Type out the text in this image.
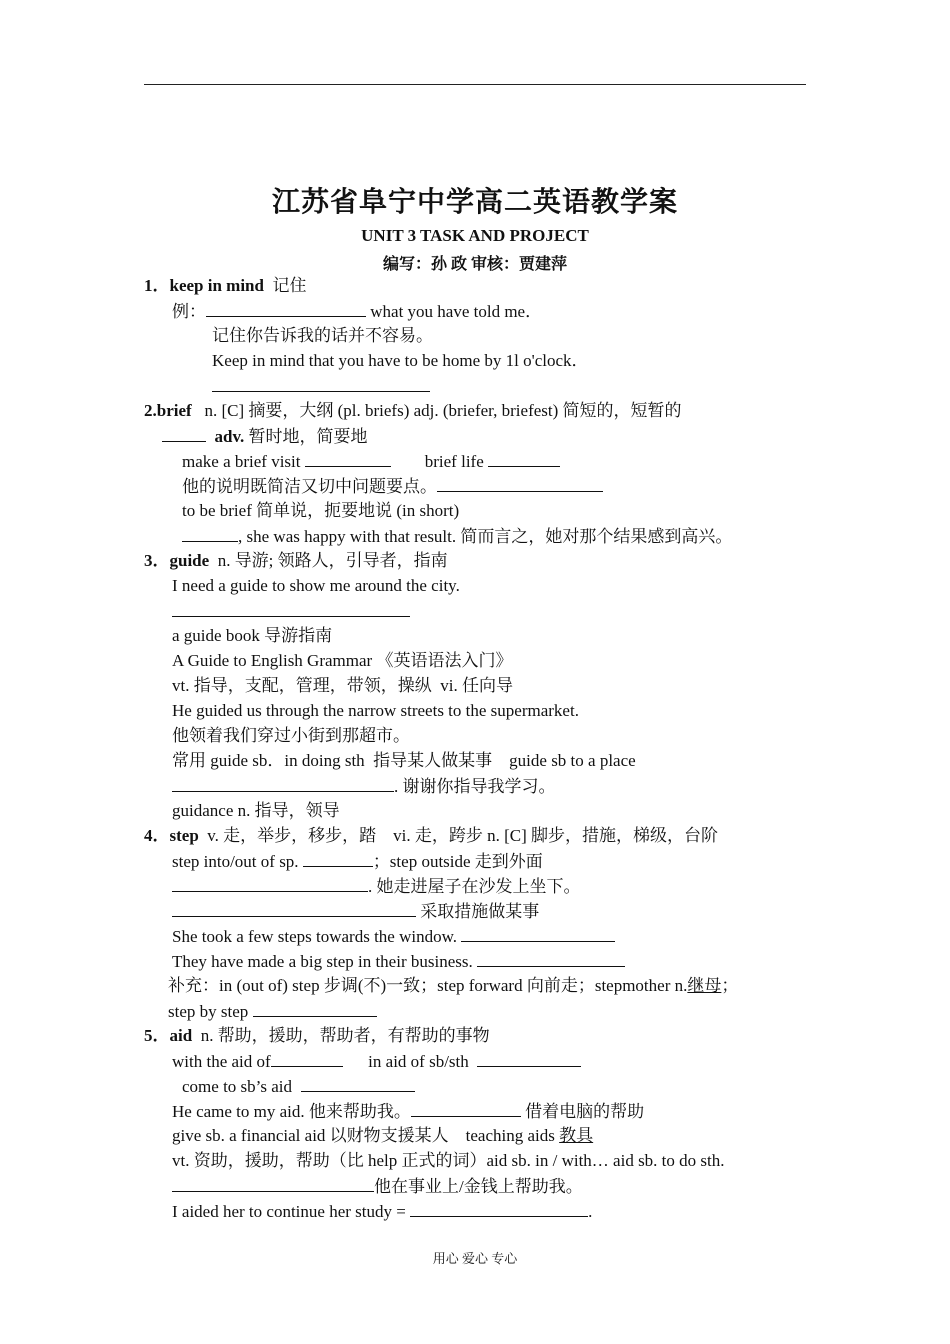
江苏省阜宁中学高二英语教学案
UNIT 3 TASK AND PROJECT
编写：孙 政 审核：贾建萍
1．keep in mind 记住
例：	what you have told me．
记住你告诉我的话并不容易。
Keep in mind that you have to be home by 1l o'clock．
2.brief n. [C] 摘要，大纲 (pl. briefs) adj. (briefer, briefest) 简短的，短暂的
adv. 暂时地，简要地
make a brief visit	brief life
他的说明既简洁又切中问题要点。
to be brief 简单说，扼要地说 (in short)
, she was happy with that result. 简而言之，她对那个结果感到高兴。
3．guide n. 导游; 领路人，引导者，指南
I need a guide to show me around the city.
a guide book 导游指南
A Guide to English Grammar 《英语语法入门》
vt. 指导，支配，管理，带领，操纵  vi. 任向导
He guided us through the narrow streets to the supermarket.
他领着我们穿过小街到那超市。
常用 guide sb．in doing sth  指导某人做某事    guide sb to a place
. 谢谢你指导我学习。
guidance n. 指导，领导
4．step v. 走，举步，移步，踏    vi. 走，跨步 n. [C] 脚步，措施，梯级，台阶
step into/out of sp.	；step outside 走到外面
. 她走进屋子在沙发上坐下。
采取措施做某事
She took a few steps towards the window.
They have made a big step in their business.
补充：in (out of) step 步调(不)一致；step forward 向前走；stepmother n.继母；
step by step
5．aid n. 帮助，援助，帮助者，有帮助的事物
with the aid of	in aid of sb/sth
come to sb’s aid
He came to my aid. 他来帮助我。	借着电脑的帮助
give sb. a financial aid 以财物支援某人    teaching aids 教具
vt. 资助，援助，帮助（比 help 正式的词）aid sb. in / with… aid sb. to do sth.
他在事业上/金钱上帮助我。
I aided her to continue her study =	.
用心 爱心 专心
